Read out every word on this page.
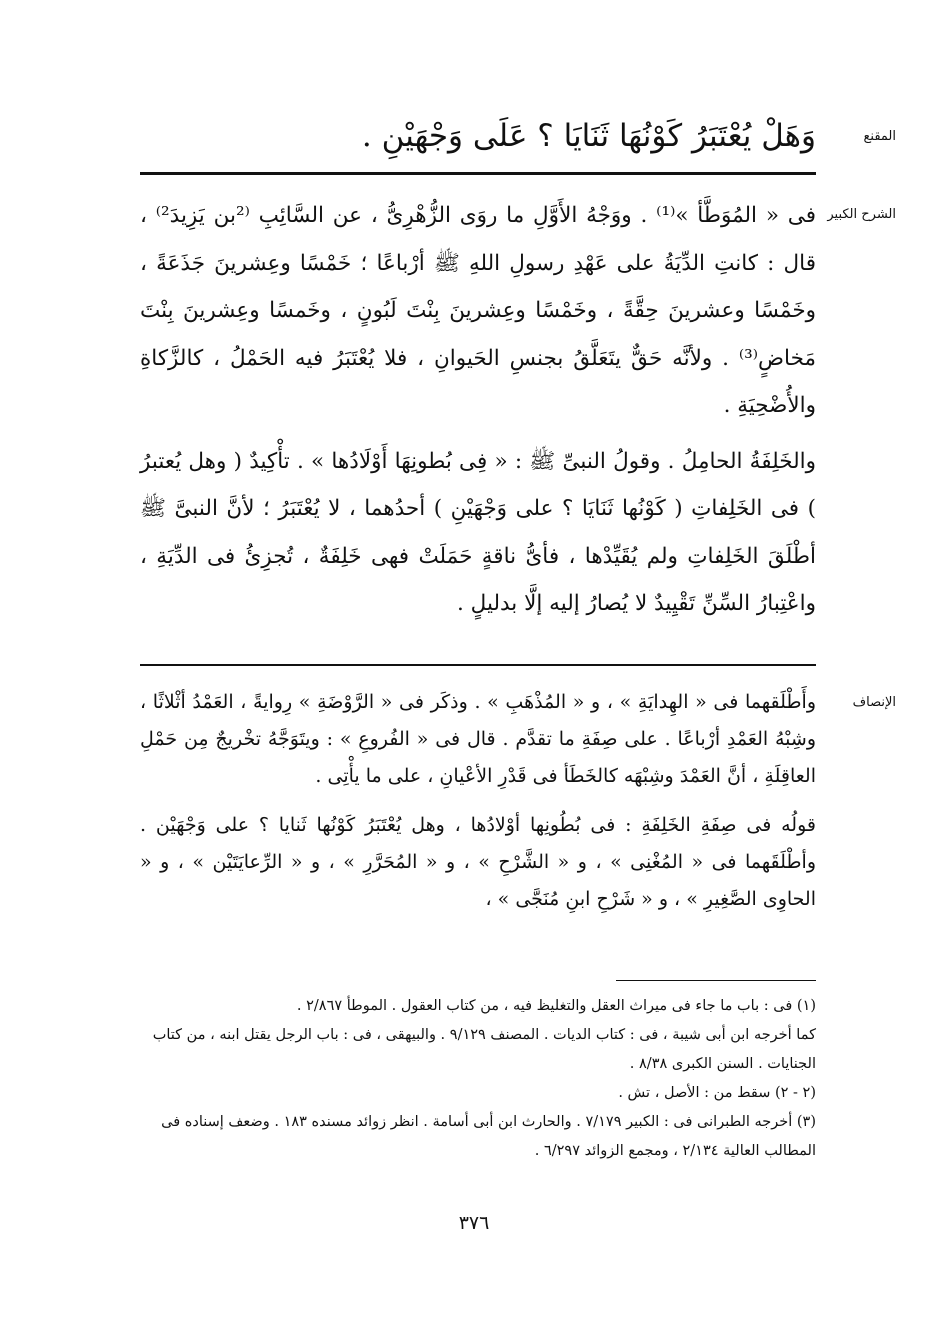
المقنع

وَهَلْ يُعْتَبَرُ كَوْنُهَا ثَنَايَا ؟ عَلَى وَجْهَيْنِ .

الشرح الكبير

فى « المُوَطَّأ »⁽¹⁾ . ووَجْهُ الأَوَّلِ ما روَى الزُّهْرِىُّ ، عن السَّائِبِ ⁽²بن يَزِيدَ²⁾ ، قال : كانتِ الدِّيَةُ على عَهْدِ رسولِ اللهِ ﷺ أرْباعًا ؛ خَمْسًا وعِشرينَ جَذَعَةً ، وخَمْسًا وعشرينَ حِقَّةً ، وخَمْسًا وعِشرينَ بِنْتَ لَبُونٍ ، وخَمسًا وعِشرينَ بِنْتَ مَخاضٍ⁽³⁾ . ولأنَّه حَقٌّ يتَعَلَّقُ بجنسِ الحَيوانِ ، فلا يُعْتَبَرُ فيه الحَمْلُ ، كالزَّكاةِ والأُضْحِيَةِ .

والخَلِفَةُ الحامِلُ . وقولُ النبىِّ ﷺ : « فِى بُطونِهَا أَوْلَادُها » . تأْكِيدٌ ( وهل يُعتبرُ ) فى الخَلِفاتِ ( كَوْنُها ثَنَايَا ؟ على وَجْهَيْنِ ) أحدُهما ، لا يُعْتَبَرُ ؛ لأنَّ النبىَّ ﷺ أطْلَقَ الخَلِفاتِ ولم يُقَيِّدْها ، فأىُّ ناقةٍ حَمَلَتْ فهى خَلِفَةٌ ، تُجزِئُ فى الدِّيَةِ ، واعْتِبارُ السِّنِّ تَقْيِيدٌ لا يُصارُ إليه إلَّا بدليلٍ .

الإنصاف

وأَطْلَقهما فى « الهِدايَةِ » ، و « المُذْهَبِ » . وذكَر فى « الرَّوْضَةِ » رِوايةً ، العَمْدُ أثْلاثًا ، وشِبْهُ العَمْدِ أرْباعًا . على صِفَةِ ما تقدَّم . قال فى « الفُروعِ » : ويتَوَجَّهُ تخْريجٌ مِن حَمْلِ العاقِلَةِ ، أنَّ العَمْدَ وشِبْهَه كالخَطَأ فى قَدْرِ الأعْيانِ ، على ما يأْتِى .

قولُه فى صِفَةِ الخَلِفَةِ : فى بُطُونِها أوْلادُها ، وهل يُعْتَبَرُ كَوْنُها ثَنايا ؟ على وَجْهَيْن . وأطْلَقَهما فى « المُغْنِى » ، و « الشَّرْحِ » ، و « المُحَرَّرِ » ، و « الرِّعايَتَيْن » ، و « الحاوِى الصَّغِيرِ » ، و « شَرْحِ ابنِ مُنَجَّى » ،

(١) فى : باب ما جاء فى ميراث العقل والتغليظ فيه ، من كتاب العقول . الموطأ ٢/٨٦٧ .

كما أخرجه ابن أبى شيبة ، فى : كتاب الديات . المصنف ٩/١٢٩ . والبيهقى ، فى : باب الرجل يقتل ابنه ، من كتاب الجنايات . السنن الكبرى ٨/٣٨ .

(٢ - ٢) سقط من : الأصل ، تش .

(٣) أخرجه الطبرانى فى : الكبير ٧/١٧٩ . والحارث ابن أبى أسامة . انظر زوائد مسنده ١٨٣ . وضعف إسناده فى المطالب العالية ٢/١٣٤ ، ومجمع الزوائد ٦/٢٩٧ .

٣٧٦
